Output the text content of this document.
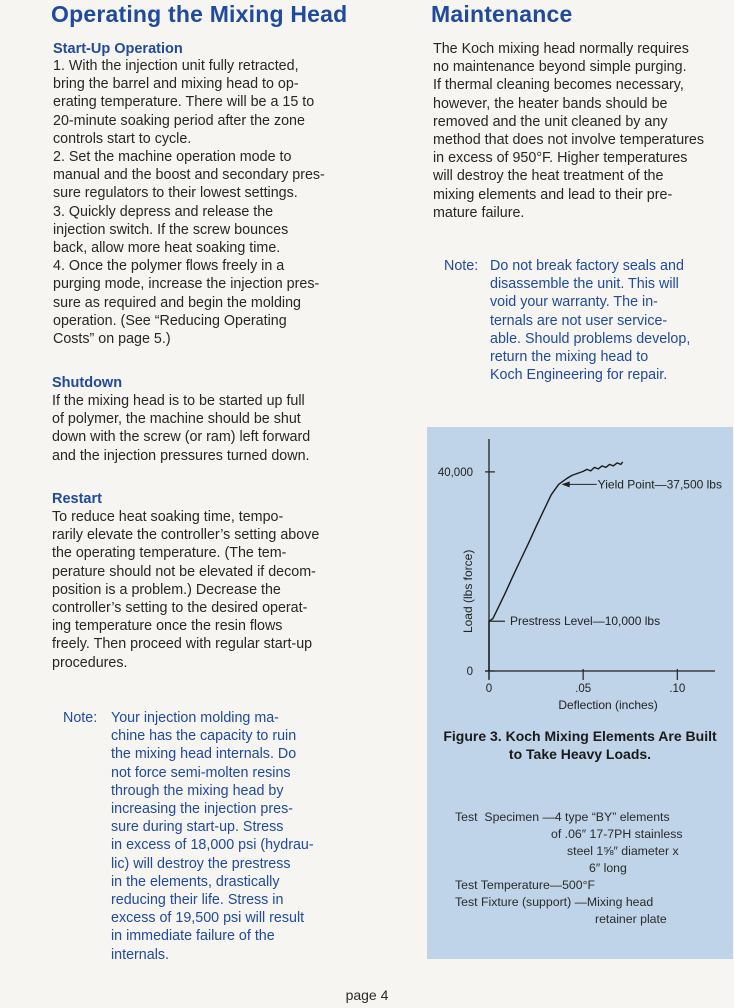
Operating the Mixing Head
Start-Up Operation
1. With the injection unit fully retracted,
bring the barrel and mixing head to op-
erating temperature. There will be a 15 to
20-minute soaking period after the zone
controls start to cycle.
2. Set the machine operation mode to
manual and the boost and secondary pres-
sure regulators to their lowest settings.
3. Quickly depress and release the
injection switch. If the screw bounces
back, allow more heat soaking time.
4. Once the polymer flows freely in a
purging mode, increase the injection pres-
sure as required and begin the molding
operation. (See “Reducing Operating
Costs” on page 5.)
Shutdown
If the mixing head is to be started up full
of polymer, the machine should be shut
down with the screw (or ram) left forward
and the injection pressures turned down.
Restart
To reduce heat soaking time, tempo-
rarily elevate the controller’s setting above
the operating temperature. (The tem-
perature should not be elevated if decom-
position is a problem.) Decrease the
controller’s setting to the desired operat-
ing temperature once the resin flows
freely. Then proceed with regular start-up
procedures.
Note: Your injection molding ma-
chine has the capacity to ruin
the mixing head internals. Do
not force semi-molten resins
through the mixing head by
increasing the injection pres-
sure during start-up. Stress
in excess of 18,000 psi (hydrau-
lic) will destroy the prestress
in the elements, drastically
reducing their life. Stress in
excess of 19,500 psi will result
in immediate failure of the
internals.
Maintenance
The Koch mixing head normally requires
no maintenance beyond simple purging.
If thermal cleaning becomes necessary,
however, the heater bands should be
removed and the unit cleaned by any
method that does not involve temperatures
in excess of 950°F. Higher temperatures
will destroy the heat treatment of the
mixing elements and lead to their pre-
mature failure.
Note: Do not break factory seals and
disassemble the unit. This will
void your warranty. The in-
ternals are not user service-
able. Should problems develop,
return the mixing head to
Koch Engineering for repair.
0
40,000
0	.05	.10
Deflection (inches)
Load (lbs force)
Yield Point—37,500 lbs
Prestress Level—10,000 lbs
Figure 3. Koch Mixing Elements Are Built
to Take Heavy Loads.
Test  Specimen —4 type “BY” elements
of .06″ 17-7PH stainless
steel 1⅝″ diameter x
6″ long
Test Temperature—500°F
Test Fixture (support) —Mixing head
retainer plate
page 4
